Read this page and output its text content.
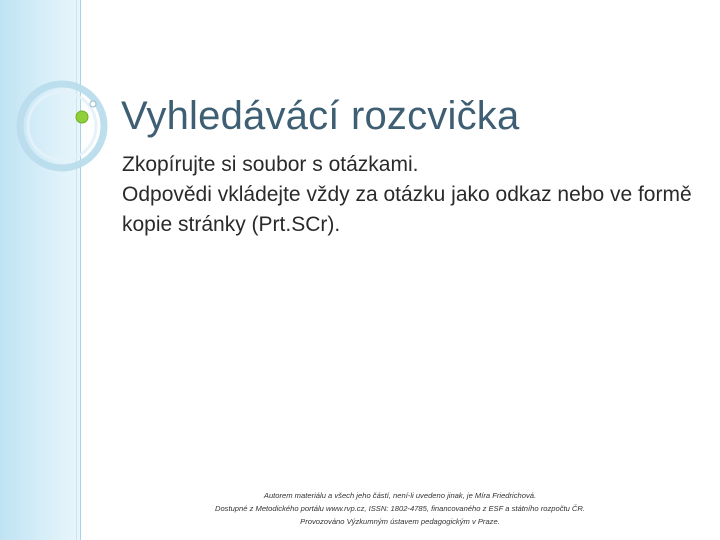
Vyhledávácí rozcvička

Zkopírujte si soubor s otázkami.

Odpovědi vkládejte vždy za otázku jako odkaz nebo ve formě kopie stránky (Prt.SCr).

Autorem materiálu a všech jeho částí, není-li uvedeno jinak, je Míra Friedrichová.
Dostupné z Metodického portálu www.rvp.cz, ISSN: 1802-4785, financovaného z ESF a státního rozpočtu ČR.
Provozováno Výzkumným ústavem pedagogickým v Praze.
